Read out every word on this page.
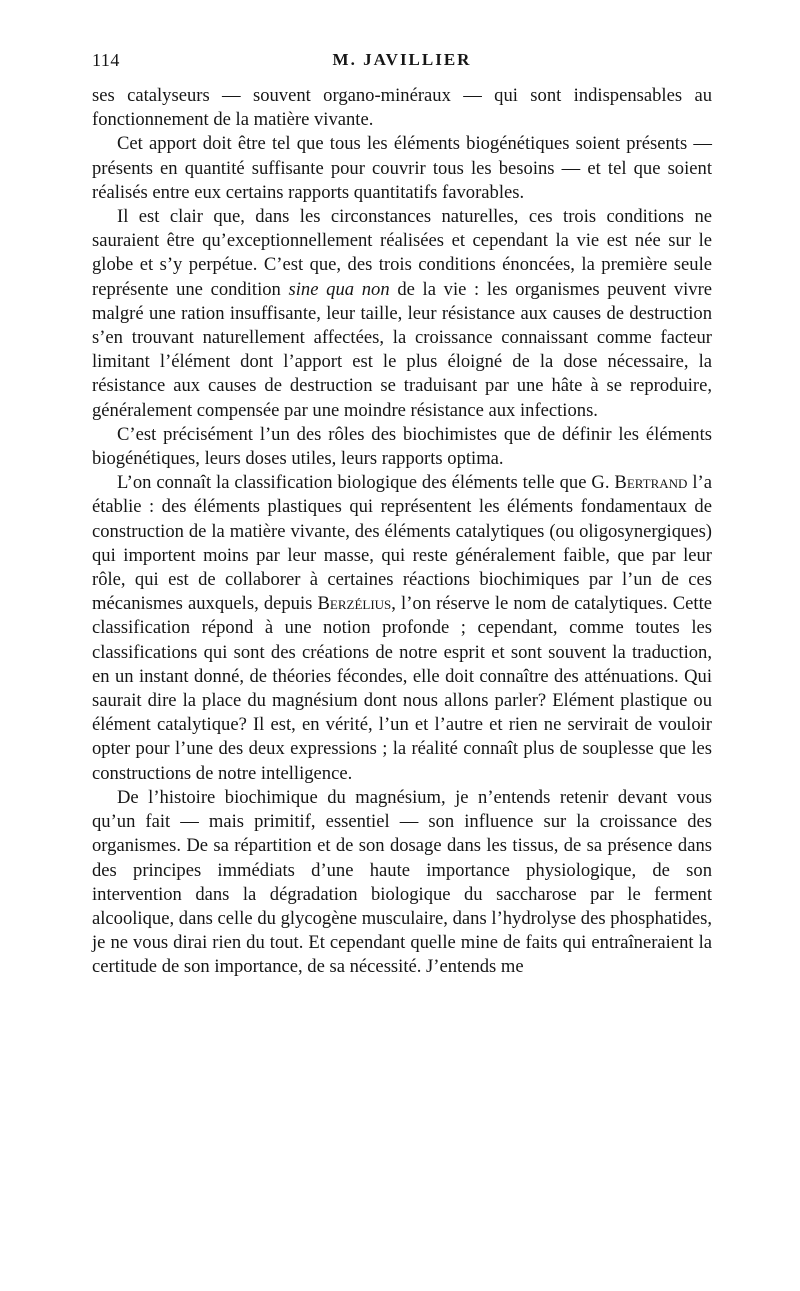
114	M. JAVILLIER

ses catalyseurs — souvent organo-minéraux — qui sont indispensables au fonctionnement de la matière vivante.

Cet apport doit être tel que tous les éléments biogénétiques soient présents — présents en quantité suffisante pour couvrir tous les besoins — et tel que soient réalisés entre eux certains rapports quantitatifs favorables.

Il est clair que, dans les circonstances naturelles, ces trois conditions ne sauraient être qu’exceptionnellement réalisées et cependant la vie est née sur le globe et s’y perpétue. C’est que, des trois conditions énoncées, la première seule représente une condition sine qua non de la vie : les organismes peuvent vivre malgré une ration insuffisante, leur taille, leur résistance aux causes de destruction s’en trouvant naturellement affectées, la croissance connaissant comme facteur limitant l’élément dont l’apport est le plus éloigné de la dose nécessaire, la résistance aux causes de destruction se traduisant par une hâte à se reproduire, généralement compensée par une moindre résistance aux infections.

C’est précisément l’un des rôles des biochimistes que de définir les éléments biogénétiques, leurs doses utiles, leurs rapports optima.

L’on connaît la classification biologique des éléments telle que G. Bertrand l’a établie : des éléments plastiques qui représentent les éléments fondamentaux de construction de la matière vivante, des éléments catalytiques (ou oligosynergiques) qui importent moins par leur masse, qui reste généralement faible, que par leur rôle, qui est de collaborer à certaines réactions biochimiques par l’un de ces mécanismes auxquels, depuis Berzélius, l’on réserve le nom de catalytiques. Cette classification répond à une notion profonde ; cependant, comme toutes les classifications qui sont des créations de notre esprit et sont souvent la traduction, en un instant donné, de théories fécondes, elle doit connaître des atténuations. Qui saurait dire la place du magnésium dont nous allons parler? Elément plastique ou élément catalytique? Il est, en vérité, l’un et l’autre et rien ne servirait de vouloir opter pour l’une des deux expressions ; la réalité connaît plus de souplesse que les constructions de notre intelligence.

De l’histoire biochimique du magnésium, je n’entends retenir devant vous qu’un fait — mais primitif, essentiel — son influence sur la croissance des organismes. De sa répartition et de son dosage dans les tissus, de sa présence dans des principes immédiats d’une haute importance physiologique, de son intervention dans la dégradation biologique du saccharose par le ferment alcoolique, dans celle du glycogène musculaire, dans l’hydrolyse des phosphatides, je ne vous dirai rien du tout. Et cependant quelle mine de faits qui entraîneraient la certitude de son importance, de sa nécessité. J’entends me
